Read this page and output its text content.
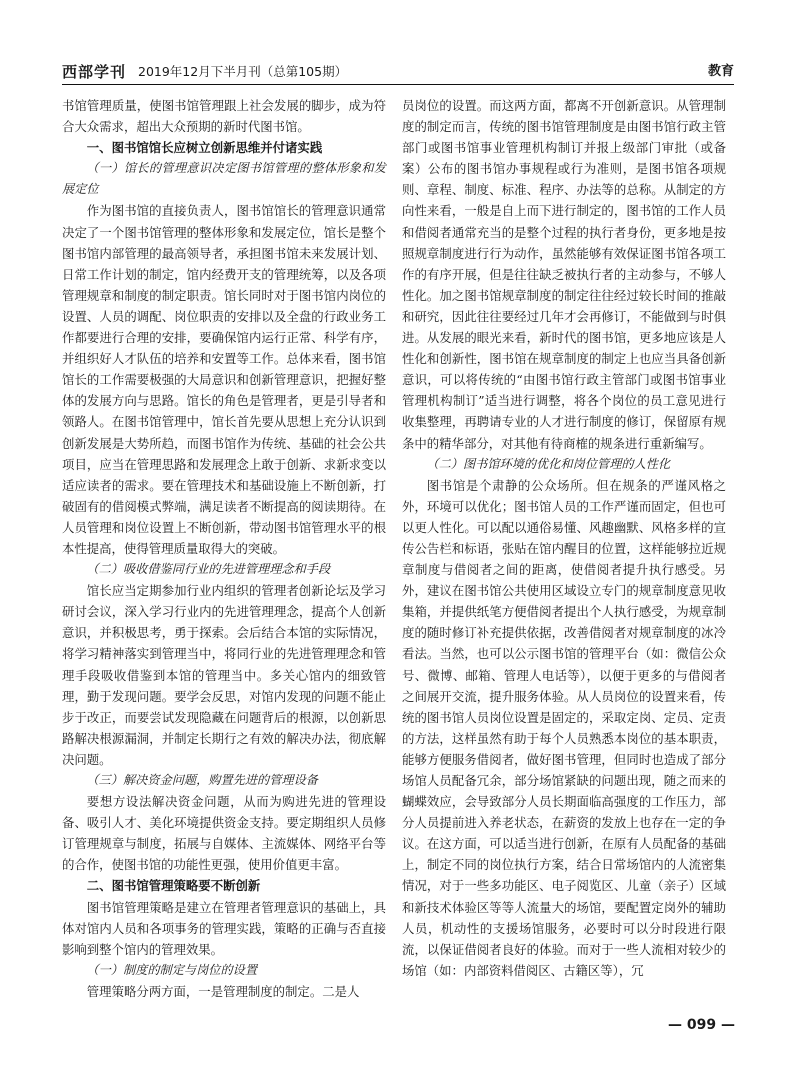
西部学刊 2019年12月下半月刊（总第105期）	教育

书馆管理质量，使图书馆管理跟上社会发展的脚步，成为符合大众需求，超出大众预期的新时代图书馆。

一、图书馆馆长应树立创新思维并付诸实践

（一）馆长的管理意识决定图书馆管理的整体形象和发展定位

作为图书馆的直接负责人，图书馆馆长的管理意识通常决定了一个图书馆管理的整体形象和发展定位，馆长是整个图书馆内部管理的最高领导者，承担图书馆未来发展计划、日常工作计划的制定，馆内经费开支的管理统筹，以及各项管理规章和制度的制定职责。馆长同时对于图书馆内岗位的设置、人员的调配、岗位职责的安排以及全盘的行政业务工作都要进行合理的安排，要确保馆内运行正常、科学有序，并组织好人才队伍的培养和安置等工作。总体来看，图书馆馆长的工作需要极强的大局意识和创新管理意识，把握好整体的发展方向与思路。馆长的角色是管理者，更是引导者和领路人。在图书馆管理中，馆长首先要从思想上充分认识到创新发展是大势所趋，而图书馆作为传统、基础的社会公共项目，应当在管理思路和发展理念上敢于创新、求新求变以适应读者的需求。要在管理技术和基础设施上不断创新，打破固有的借阅模式弊端，满足读者不断提高的阅读期待。在人员管理和岗位设置上不断创新，带动图书馆管理水平的根本性提高，使得管理质量取得大的突破。

（二）吸收借鉴同行业的先进管理理念和手段

馆长应当定期参加行业内组织的管理者创新论坛及学习研讨会议，深入学习行业内的先进管理理念，提高个人创新意识，并积极思考，勇于探索。会后结合本馆的实际情况，将学习精神落实到管理当中，将同行业的先进管理理念和管理手段吸收借鉴到本馆的管理当中。多关心馆内的细致管理，勤于发现问题。要学会反思，对馆内发现的问题不能止步于改正，而要尝试发现隐藏在问题背后的根源，以创新思路解决根源漏洞，并制定长期行之有效的解决办法，彻底解决问题。

（三）解决资金问题，购置先进的管理设备

要想方设法解决资金问题，从而为购进先进的管理设备、吸引人才、美化环境提供资金支持。要定期组织人员修订管理规章与制度，拓展与自媒体、主流媒体、网络平台等的合作，使图书馆的功能性更强，使用价值更丰富。

二、图书馆管理策略要不断创新

图书馆管理策略是建立在管理者管理意识的基础上，具体对馆内人员和各项事务的管理实践，策略的正确与否直接影响到整个馆内的管理效果。

（一）制度的制定与岗位的设置

管理策略分两方面，一是管理制度的制定。二是人

员岗位的设置。而这两方面，都离不开创新意识。从管理制度的制定而言，传统的图书馆管理制度是由图书馆行政主管部门或图书馆事业管理机构制订并报上级部门审批（或备案）公布的图书馆办事规程或行为准则，是图书馆各项规则、章程、制度、标准、程序、办法等的总称。从制定的方向性来看，一般是自上而下进行制定的，图书馆的工作人员和借阅者通常充当的是整个过程的执行者身份，更多地是按照规章制度进行行为动作，虽然能够有效保证图书馆各项工作的有序开展，但是往往缺乏被执行者的主动参与，不够人性化。加之图书馆规章制度的制定往往经过较长时间的推敲和研究，因此往往要经过几年才会再修订，不能做到与时俱进。从发展的眼光来看，新时代的图书馆，更多地应该是人性化和创新性，图书馆在规章制度的制定上也应当具备创新意识，可以将传统的“由图书馆行政主管部门或图书馆事业管理机构制订”适当进行调整，将各个岗位的员工意见进行收集整理，再聘请专业的人才进行制度的修订，保留原有规条中的精华部分，对其他有待商榷的规条进行重新编写。

（二）图书馆环境的优化和岗位管理的人性化

图书馆是个肃静的公众场所。但在规条的严谨风格之外，环境可以优化；图书馆人员的工作严谨而固定，但也可以更人性化。可以配以通俗易懂、风趣幽默、风格多样的宣传公告栏和标语，张贴在馆内醒目的位置，这样能够拉近规章制度与借阅者之间的距离，使借阅者提升执行感受。另外，建议在图书馆公共使用区域设立专门的规章制度意见收集箱，并提供纸笔方便借阅者提出个人执行感受，为规章制度的随时修订补充提供依据，改善借阅者对规章制度的冰冷看法。当然，也可以公示图书馆的管理平台（如：微信公众号、微博、邮箱、管理人电话等），以便于更多的与借阅者之间展开交流，提升服务体验。从人员岗位的设置来看，传统的图书馆人员岗位设置是固定的，采取定岗、定员、定责的方法，这样虽然有助于每个人员熟悉本岗位的基本职责，能够方便服务借阅者，做好图书管理，但同时也造成了部分场馆人员配备冗余，部分场馆紧缺的问题出现，随之而来的蝴蝶效应，会导致部分人员长期面临高强度的工作压力，部分人员提前进入养老状态，在薪资的发放上也存在一定的争议。在这方面，可以适当进行创新，在原有人员配备的基础上，制定不同的岗位执行方案，结合日常场馆内的人流密集情况，对于一些多功能区、电子阅览区、儿童（亲子）区域和新技术体验区等等人流量大的场馆，要配置定岗外的辅助人员，机动性的支援场馆服务，必要时可以分时段进行限流，以保证借阅者良好的体验。而对于一些人流相对较少的场馆（如：内部资料借阅区、古籍区等），冗

— 099 —
